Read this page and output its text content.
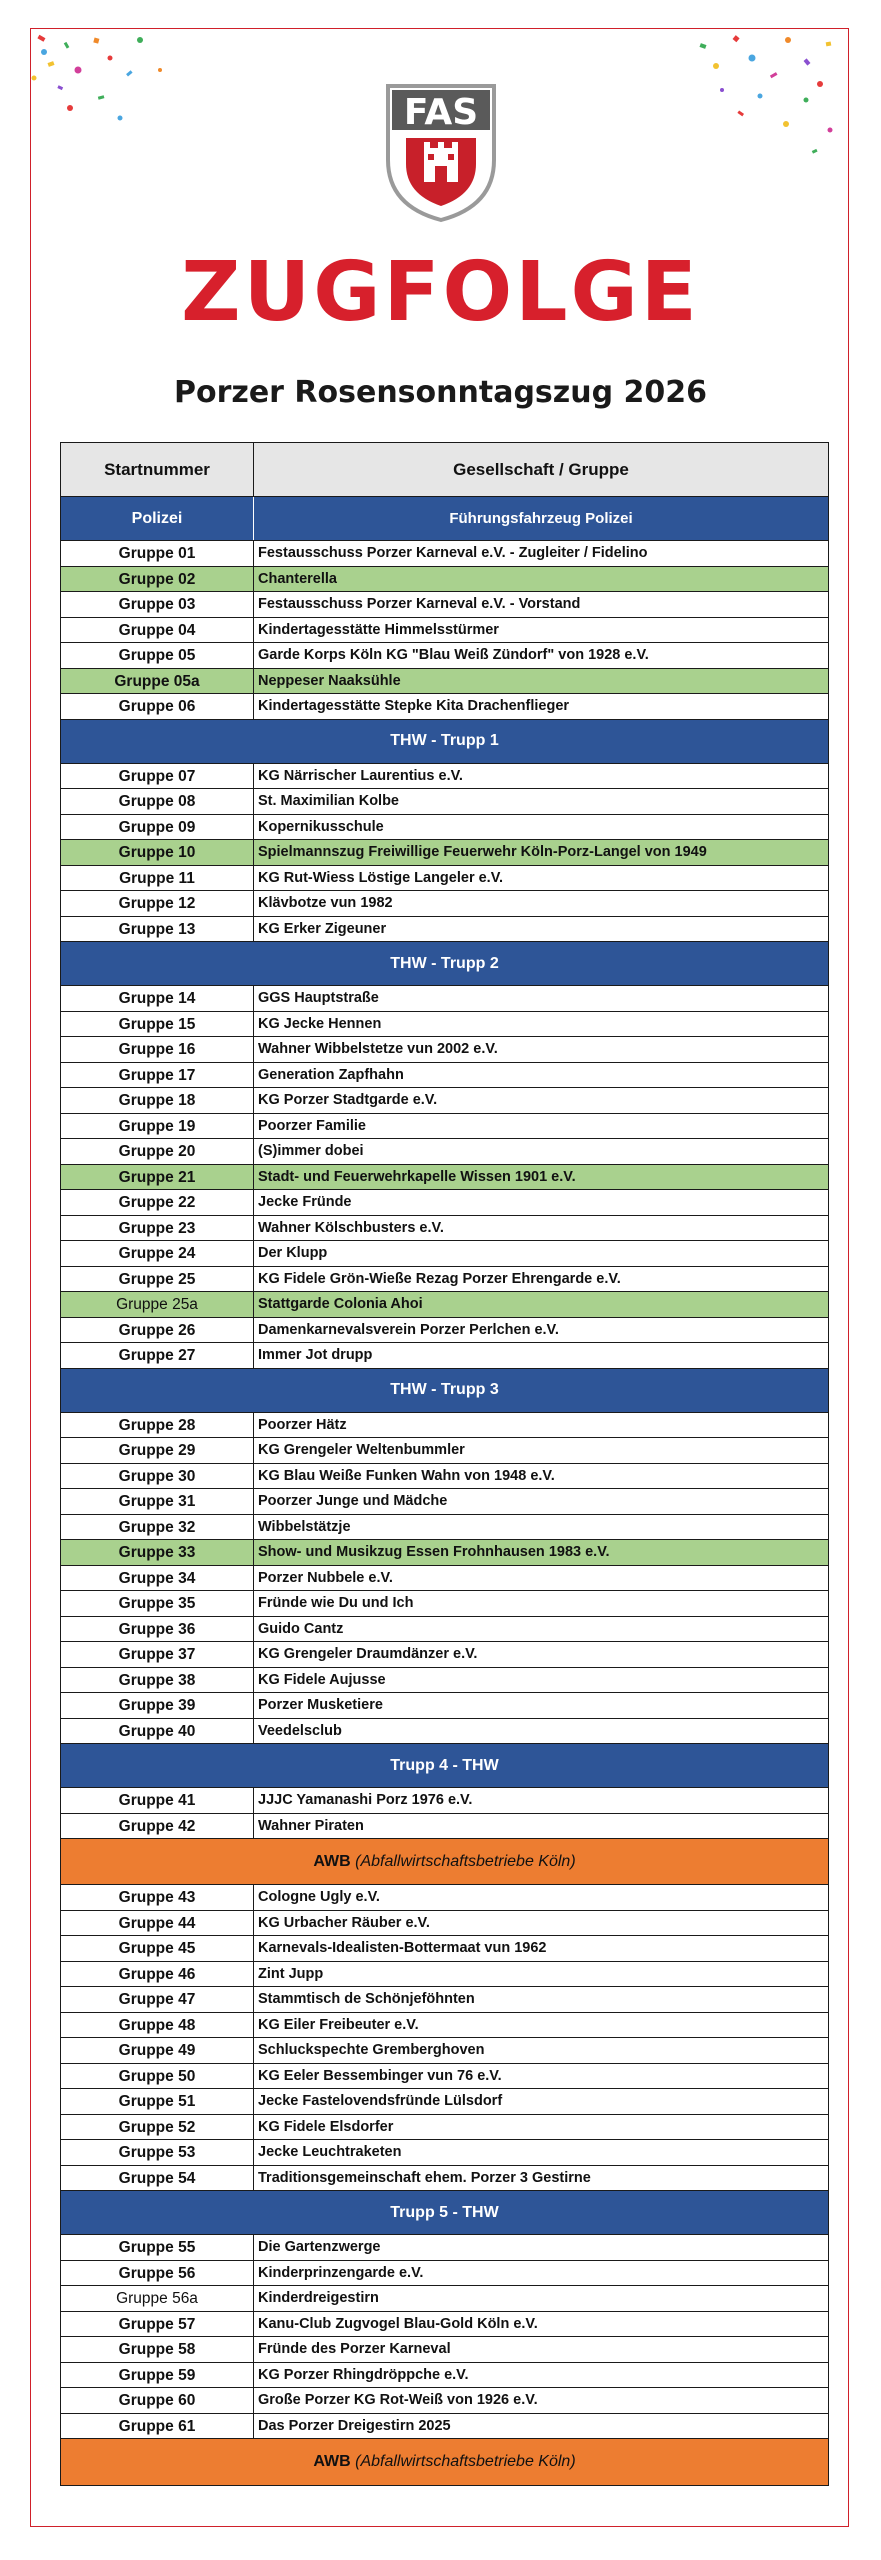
FAS
ZUGFOLGE
Porzer Rosensonntagszug 2026
Startnummer	Gesellschaft / Gruppe
Polizei	Führungsfahrzeug Polizei
Gruppe 01	Festausschuss Porzer Karneval e.V. - Zugleiter / Fidelino
Gruppe 02	Chanterella
Gruppe 03	Festausschuss Porzer Karneval e.V. - Vorstand
Gruppe 04	Kindertagesstätte Himmelsstürmer
Gruppe 05	Garde Korps Köln KG "Blau Weiß Zündorf" von 1928 e.V.
Gruppe 05a	Neppeser Naaksühle
Gruppe 06	Kindertagesstätte Stepke Kita Drachenflieger
THW - Trupp 1
Gruppe 07	KG Närrischer Laurentius e.V.
Gruppe 08	St. Maximilian Kolbe
Gruppe 09	Kopernikusschule
Gruppe 10	Spielmannszug Freiwillige Feuerwehr Köln-Porz-Langel von 1949
Gruppe 11	KG Rut-Wiess Löstige Langeler e.V.
Gruppe 12	Klävbotze vun 1982
Gruppe 13	KG Erker Zigeuner
THW - Trupp 2
Gruppe 14	GGS Hauptstraße
Gruppe 15	KG Jecke Hennen
Gruppe 16	Wahner Wibbelstetze vun 2002 e.V.
Gruppe 17	Generation Zapfhahn
Gruppe 18	KG Porzer Stadtgarde e.V.
Gruppe 19	Poorzer Familie
Gruppe 20	(S)immer dobei
Gruppe 21	Stadt- und Feuerwehrkapelle Wissen 1901 e.V.
Gruppe 22	Jecke Fründe
Gruppe 23	Wahner Kölschbusters e.V.
Gruppe 24	Der Klupp
Gruppe 25	KG Fidele Grön-Wieße Rezag Porzer Ehrengarde e.V.
Gruppe 25a	Stattgarde Colonia Ahoi
Gruppe 26	Damenkarnevalsverein Porzer Perlchen e.V.
Gruppe 27	Immer Jot drupp
THW - Trupp 3
Gruppe 28	Poorzer Hätz
Gruppe 29	KG Grengeler Weltenbummler
Gruppe 30	KG Blau Weiße Funken Wahn von 1948 e.V.
Gruppe 31	Poorzer Junge und Mädche
Gruppe 32	Wibbelstätzje
Gruppe 33	Show- und Musikzug Essen Frohnhausen 1983 e.V.
Gruppe 34	Porzer Nubbele e.V.
Gruppe 35	Fründe wie Du und Ich
Gruppe 36	Guido Cantz
Gruppe 37	KG Grengeler Draumdänzer e.V.
Gruppe 38	KG Fidele Aujusse
Gruppe 39	Porzer Musketiere
Gruppe 40	Veedelsclub
Trupp 4 - THW
Gruppe 41	JJJC Yamanashi Porz 1976 e.V.
Gruppe 42	Wahner Piraten
AWB (Abfallwirtschaftsbetriebe Köln)
Gruppe 43	Cologne Ugly e.V.
Gruppe 44	KG Urbacher Räuber e.V.
Gruppe 45	Karnevals-Idealisten-Bottermaat vun 1962
Gruppe 46	Zint Jupp
Gruppe 47	Stammtisch de Schönjeföhnten
Gruppe 48	KG Eiler Freibeuter e.V.
Gruppe 49	Schluckspechte Gremberghoven
Gruppe 50	KG Eeler Bessembinger vun 76 e.V.
Gruppe 51	Jecke Fastelovendsfründe Lülsdorf
Gruppe 52	KG Fidele Elsdorfer
Gruppe 53	Jecke Leuchtraketen
Gruppe 54	Traditionsgemeinschaft ehem. Porzer 3 Gestirne
Trupp 5 - THW
Gruppe 55	Die Gartenzwerge
Gruppe 56	Kinderprinzengarde e.V.
Gruppe 56a	Kinderdreigestirn
Gruppe 57	Kanu-Club Zugvogel Blau-Gold Köln e.V.
Gruppe 58	Fründe des Porzer Karneval
Gruppe 59	KG Porzer Rhingdröppche e.V.
Gruppe 60	Große Porzer KG Rot-Weiß von 1926 e.V.
Gruppe 61	Das Porzer Dreigestirn 2025
AWB (Abfallwirtschaftsbetriebe Köln)
